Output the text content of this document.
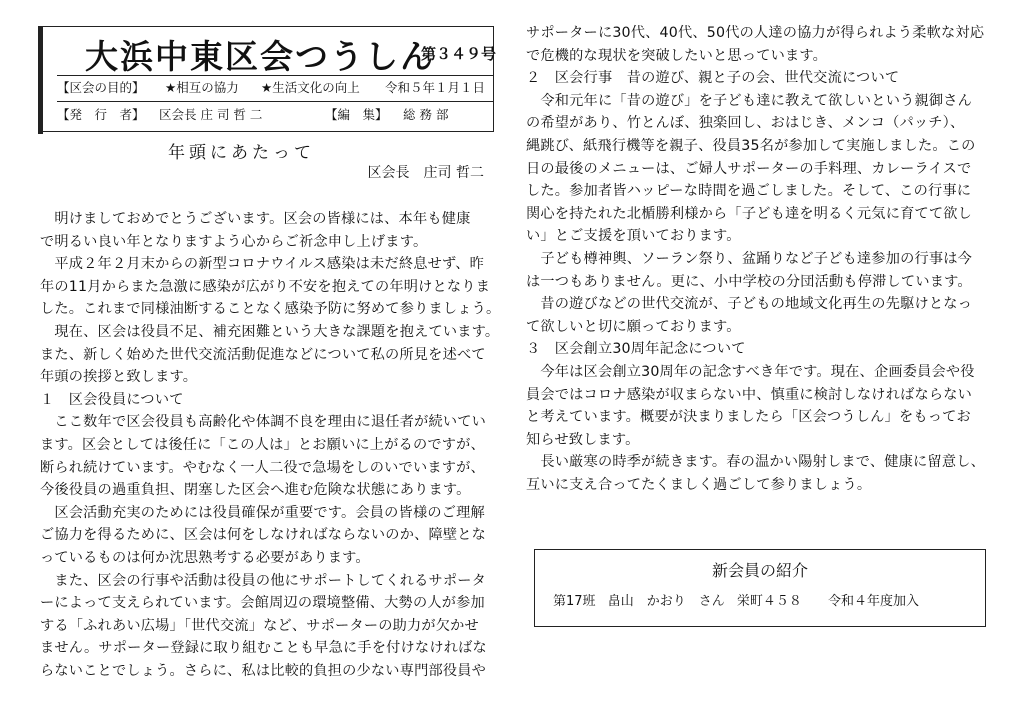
大浜中東区会つうしん
第３４９号
【区会の目的】 ★相互の協力 ★生活文化の向上 令和５年１月１日
【発　行　者】 区会長 庄 司 哲 二	【編　集】 総 務 部
年頭にあたって
区会長　庄司 哲二

　明けましておめでとうございます。区会の皆様には、本年も健康

で明るい良い年となりますよう心からご祈念申し上げます。

　平成２年２月末からの新型コロナウイルス感染は未だ終息せず、昨

年の11月からまた急激に感染が広がり不安を抱えての年明けとなりま

した。これまで同様油断することなく感染予防に努めて参りましょう。

　現在、区会は役員不足、補充困難という大きな課題を抱えています。

また、新しく始めた世代交流活動促進などについて私の所見を述べて

年頭の挨拶と致します。

１　区会役員について

　ここ数年で区会役員も高齢化や体調不良を理由に退任者が続いてい

ます。区会としては後任に「この人は」とお願いに上がるのですが、

断られ続けています。やむなく一人二役で急場をしのいでいますが、

今後役員の過重負担、閉塞した区会へ進む危険な状態にあります。

　区会活動充実のためには役員確保が重要です。会員の皆様のご理解

ご協力を得るために、区会は何をしなければならないのか、障壁とな

っているものは何か沈思熟考する必要があります。

　また、区会の行事や活動は役員の他にサポートしてくれるサポータ

ーによって支えられています。会館周辺の環境整備、大勢の人が参加

する「ふれあい広場」「世代交流」など、サポーターの助力が欠かせ

ません。サポーター登録に取り組むことも早急に手を付けなければな

らないことでしょう。さらに、私は比較的負担の少ない専門部役員や

サポーターに30代、40代、50代の人達の協力が得られよう柔軟な対応

で危機的な現状を突破したいと思っています。

２　区会行事　昔の遊び、親と子の会、世代交流について

　令和元年に「昔の遊び」を子ども達に教えて欲しいという親御さん

の希望があり、竹とんぼ、独楽回し、おはじき、メンコ（パッチ）、

縄跳び、紙飛行機等を親子、役員35名が参加して実施しました。この

日の最後のメニューは、ご婦人サポーターの手料理、カレーライスで

した。参加者皆ハッピーな時間を過ごしました。そして、この行事に

関心を持たれた北楯勝利様から「子ども達を明るく元気に育てて欲し

い」とご支援を頂いております。

　子ども樽神輿、ソーラン祭り、盆踊りなど子ども達参加の行事は今

は一つもありません。更に、小中学校の分団活動も停滞しています。

　昔の遊びなどの世代交流が、子どもの地域文化再生の先駆けとなっ

て欲しいと切に願っております。

３　区会創立30周年記念について

　今年は区会創立30周年の記念すべき年です。現在、企画委員会や役

員会ではコロナ感染が収まらない中、慎重に検討しなければならない

と考えています。概要が決まりましたら「区会つうしん」をもってお

知らせ致します。

　長い厳寒の時季が続きます。春の温かい陽射しまで、健康に留意し、

互いに支え合ってたくましく過ごして参りましょう。

新会員の紹介
第17班 畠山　かおり　さん 栄町４５８ 令和４年度加入
